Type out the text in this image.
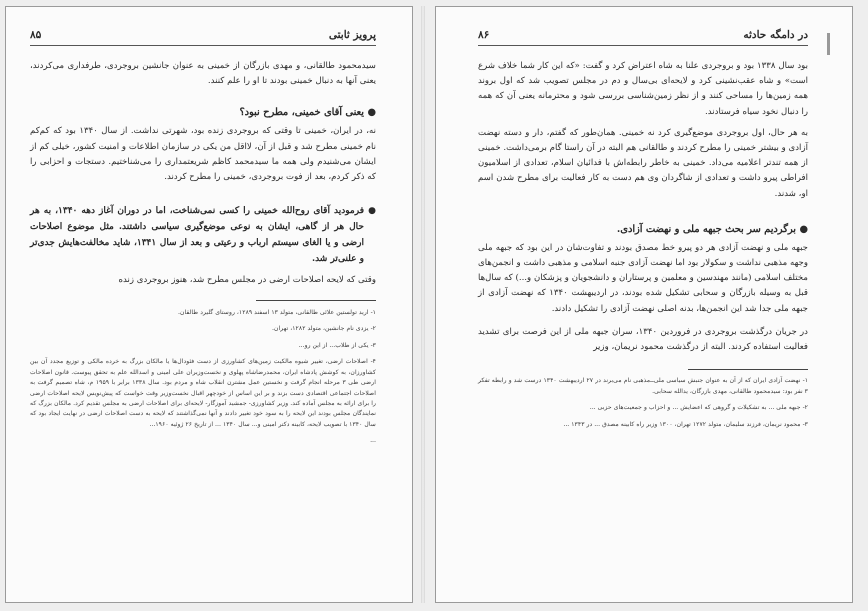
پرویز ثابتی
۸۵

سیدمحمود طالقانی، و مهدی بازرگان از خمینی به عنوان جانشین بروجردی، طرفداری می‌کردند، یعنی آنها به دنبال خمینی بودند تا او را علم کنند.

●
یعنی آقای خمینی، مطرح نبود؟

نه، در ایران، خمینی تا وقتی که بروجردی زنده بود، شهرتی نداشت. از سال ۱۳۴۰ بود که کم‌کم نام خمینی مطرح شد و قبل از آن، لااقل من یکی در سازمان اطلاعات و امنیت کشور، خیلی کم از ایشان می‌شنیدم ولی همه ما سیدمحمد کاظم شریعتمداری را می‌شناختیم. دستجات و احزابی را که ذکر کردم، بعد از فوت بروجردی، خمینی را مطرح کردند.

●
فرمودید آقای روح‌الله خمینی را کسی نمی‌شناخت، اما در دوران آغاز دهه ۱۳۴۰، به هر حال هر از گاهی، ایشان به نوعی موضع‌گیری سیاسی داشتند. مثل موضوع اصلاحات ارضی و یا الغای سیستم ارباب و رعیتی و بعد از سال ۱۳۴۱، شاید مخالفت‌هایش جدی‌تر و علنی‌تر شد.

وقتی که لایحه اصلاحات ارضی در مجلس مطرح شد، هنوز بروجردی زنده

۱- ارید تولستین علائی طالقانی، متولد ۱۳ اسفند ۱۲۸۹، روستای گلیرد طالقان.

۲- یزدی نام جانشین، متولد ۱۲۸۲، تهران.

۳- یکی از طلاب... از این رو...

۴- اصلاحات ارضی، تغییر شیوه مالکیت زمین‌های کشاورزی از دست فئودال‌ها یا مالکان بزرگ به خرده مالکی و توزیع مجدد آن بین کشاورزان، به کوشش پادشاه ایران، محمدرضاشاه پهلوی و نخست‌وزیران علی امینی و اسدالله علم به تحقق پیوست. قانون اصلاحات ارضی طی ۳ مرحله انجام گرفت و نخستین عمل مشترن انقلاب شاه و مردم بود. سال ۱۳۳۸ برابر با ۱۹۵۹ م، شاه تصمیم گرفت به اصلاحات اجتماعی اقتصادی دست بزند و بر این اساس از خودچهر اقبال نخست‌وزیر وقت خواست که پیش‌نویس لایحه اصلاحات ارضی را برای ارائه به مجلس آماده کند. وزیر کشاورزی- جمشید آموزگار- لایحه‌ای برای اصلاحات ارضی به مجلس تقدیم کرد. مالکان بزرگ که نمایندگان مجلس بودند این لایحه را به سود خود تغییر دادند و آنها نمی‌گذاشتند که لایحه به دست اصلاحات ارضی در نهایت ایجاد بود که سال ۱۳۴۰ با تصویب لایحه، کابینه دکتر امینی و... سال ۱۳۴۰ ... از تاریخ ۲۶ ژوئیه ۱۹۶۰...

...

در دامگه حادثه
۸۶

بود سال ۱۳۳۸ بود و بروجردی علنا به شاه اعتراض کرد و گفت: «که این کار شما خلاف شرع است» و شاه عقب‌نشینی کرد و لایحه‌ای بی‌سال و دم در مجلس تصویب شد که اول بروند همه زمین‌ها را مساحی کنند و از نظر زمین‌شناسی بررسی شود و محترمانه یعنی آن که همه را دنبال نخود سیاه فرستادند.

به هر حال، اول بروجردی موضع‌گیری کرد نه خمینی. همان‌طور که گفتم، دار و دسته نهضت آزادی و بیشتر خمینی را مطرح کردند و طالقانی هم البته در آن راستا گام برمی‌داشت. خمینی از همه تندتر اعلامیه می‌داد. خمینی به خاطر رابطه‌اش با فدائیان اسلام، تعدادی از اسلامیون افراطی پیرو داشت و تعدادی از شاگردان وی هم دست به کار فعالیت برای مطرح شدن اسم او، شدند.

●
برگردیم سر بحث جبهه ملی و نهضت آزادی.

جبهه ملی و نهضت آزادی هر دو پیرو خط مصدق بودند و تفاوت‌شان در این بود که جبهه ملی وجهه مذهبی نداشت و سکولار بود اما نهضت آزادی جنبه اسلامی و مذهبی داشت و انجمن‌های مختلف اسلامی (مانند مهندسین و معلمین و پرستاران و دانشجویان و پزشکان و...) که سال‌ها قبل به وسیله بازرگان و سحابی تشکیل شده بودند، در اردیبهشت ۱۳۴۰ که نهضت آزادی از جبهه ملی جدا شد این انجمن‌ها، بدنه اصلی نهضت آزادی را تشکیل دادند.

در جریان درگذشت بروجردی در فروردین ۱۳۴۰، سران جبهه ملی از این فرصت برای تشدید فعالیت استفاده کردند. البته از درگذشت محمود نریمان، وزیر

۱- نهضت آزادی ایران که از آن به عنوان جنبش سیاسی ملی‌ــ‌مذهبی نام می‌برند در ۲۷ اردیبهشت ۱۳۴۰ درست شد و رابطه تفکر ۳ نفر بود: سیدمحمود طالقانی، مهدی بازرگان، یدالله سحابی.

۲- جبهه ملی ... به تشکیلات و گروهی که اعضایش ... و احزاب و جمعیت‌های حزبی ...

۳- محمود نریمان، فرزند سلیمان، متولد ۱۲۷۲ تهران، ۱۳۰۰ وزیر راه کابینه مصدق ... در ۱۳۴۳ ...
